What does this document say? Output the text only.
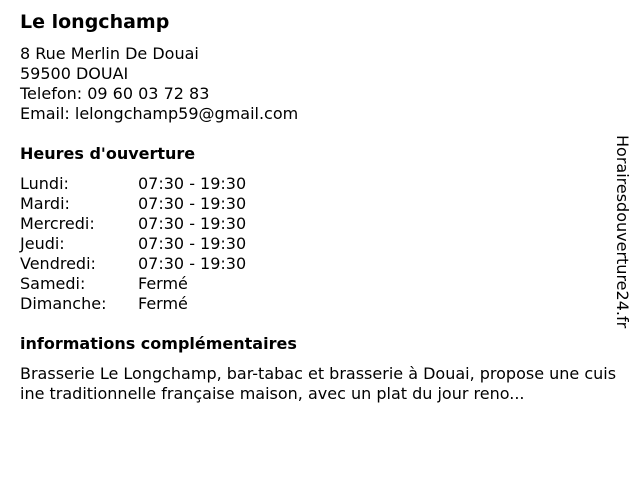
Le longchamp
8 Rue Merlin De Douai
59500 DOUAI
Telefon: 09 60 03 72 83
Email: lelongchamp59@gmail.com
Heures d'ouverture
Lundi:	07:30 - 19:30
Mardi:	07:30 - 19:30
Mercredi:	07:30 - 19:30
Jeudi:	07:30 - 19:30
Vendredi:	07:30 - 19:30
Samedi:	Fermé
Dimanche: Fermé
informations complémentaires
Brasserie Le Longchamp, bar-tabac et brasserie à Douai, propose une cuisine traditionnelle française maison, avec un plat du jour reno...
Horairesdouverture24.fr
